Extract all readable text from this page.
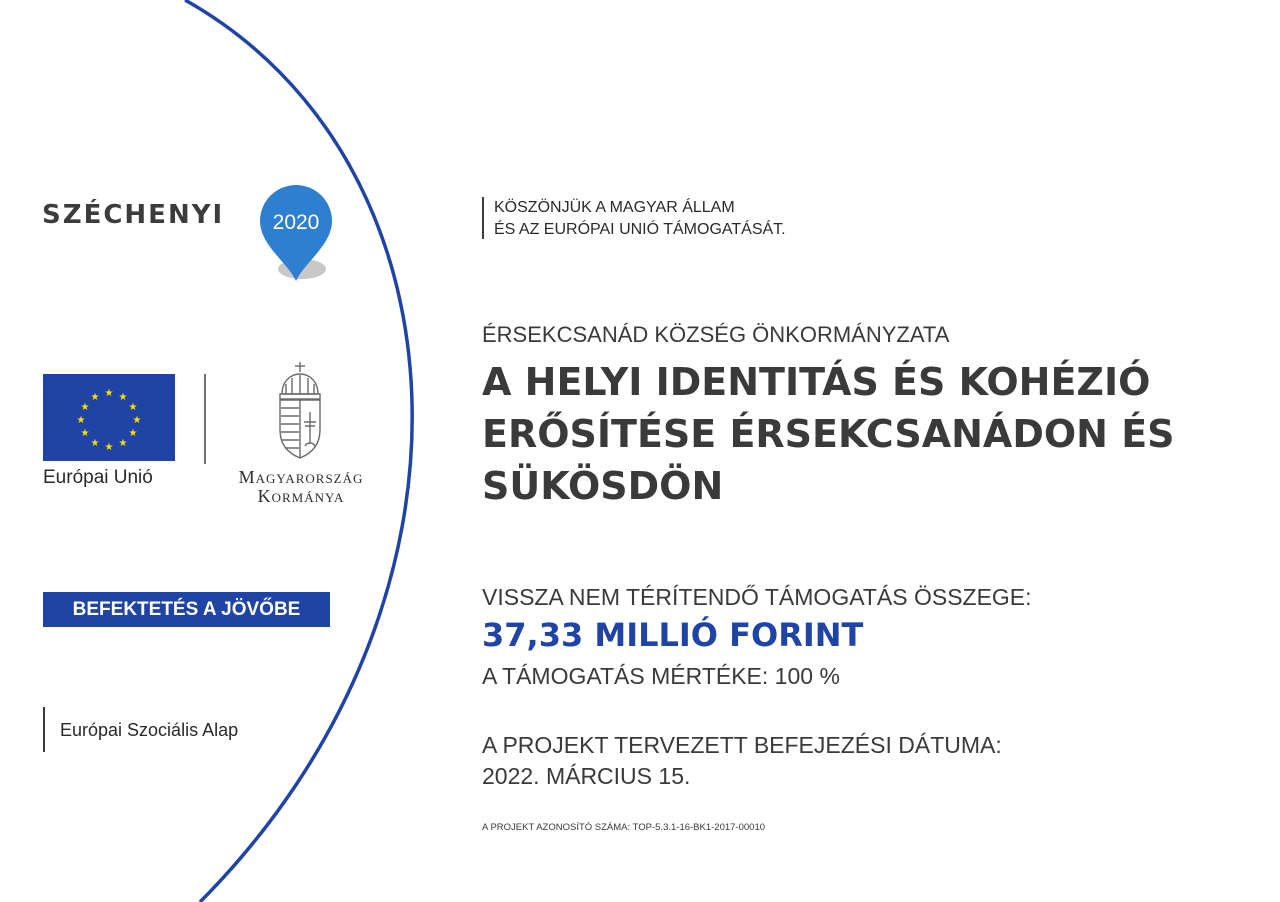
SZÉCHENYI 2020
★ ★
★
★
★
★
★
★
★
★
★
★
Európai Unió	Magyarország
Kormánya
BEFEKTETÉS A JÖVŐBE
Európai Szociális Alap
KÖSZÖNJÜK A MAGYAR ÁLLAM
ÉS AZ EURÓPAI UNIÓ TÁMOGATÁSÁT.
ÉRSEKCSANÁD KÖZSÉG ÖNKORMÁNYZATA
A HELYI IDENTITÁS ÉS KOHÉZIÓ
ERŐSÍTÉSE ÉRSEKCSANÁDON ÉS
SÜKÖSDÖN
VISSZA NEM TÉRÍTENDŐ TÁMOGATÁS ÖSSZEGE:
37,33 MILLIÓ FORINT
A TÁMOGATÁS MÉRTÉKE: 100 %
A PROJEKT TERVEZETT BEFEJEZÉSI DÁTUMA:
2022. MÁRCIUS 15.
A PROJEKT AZONOSÍTÓ SZÁMA: TOP-5.3.1-16-BK1-2017-00010
